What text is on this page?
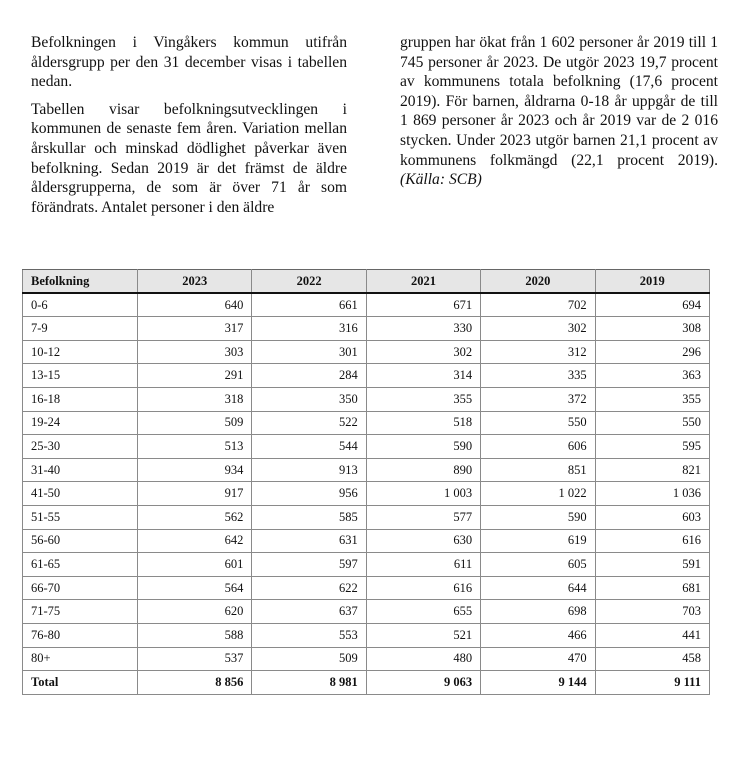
Befolkningen i Vingåkers kommun utifrån åldersgrupp per den 31 december visas i tabellen nedan.

Tabellen visar befolkningsutvecklingen i kommunen de senaste fem åren. Variation mellan årskullar och minskad dödlighet påverkar även befolkning. Sedan 2019 är det främst de äldre åldersgrupperna, de som är över 71 år som förändrats. Antalet personer i den äldre

gruppen har ökat från 1 602 personer år 2019 till 1 745 personer år 2023. De utgör 2023 19,7 procent av kommunens totala befolkning (17,6 procent 2019). För barnen, åldrarna 0-18 år uppgår de till 1 869 personer år 2023 och år 2019 var de 2 016 stycken. Under 2023 utgör barnen 21,1 procent av kommunens folkmängd (22,1 procent 2019). (Källa: SCB)

Befolkning	2023	2022	2021	2020	2019
0-6	640	661	671	702	694
7-9	317	316	330	302	308
10-12	303	301	302	312	296
13-15	291	284	314	335	363
16-18	318	350	355	372	355
19-24	509	522	518	550	550
25-30	513	544	590	606	595
31-40	934	913	890	851	821
41-50	917	956	1 003	1 022	1 036
51-55	562	585	577	590	603
56-60	642	631	630	619	616
61-65	601	597	611	605	591
66-70	564	622	616	644	681
71-75	620	637	655	698	703
76-80	588	553	521	466	441
80+	537	509	480	470	458
Total	8 856	8 981	9 063	9 144	9 111
